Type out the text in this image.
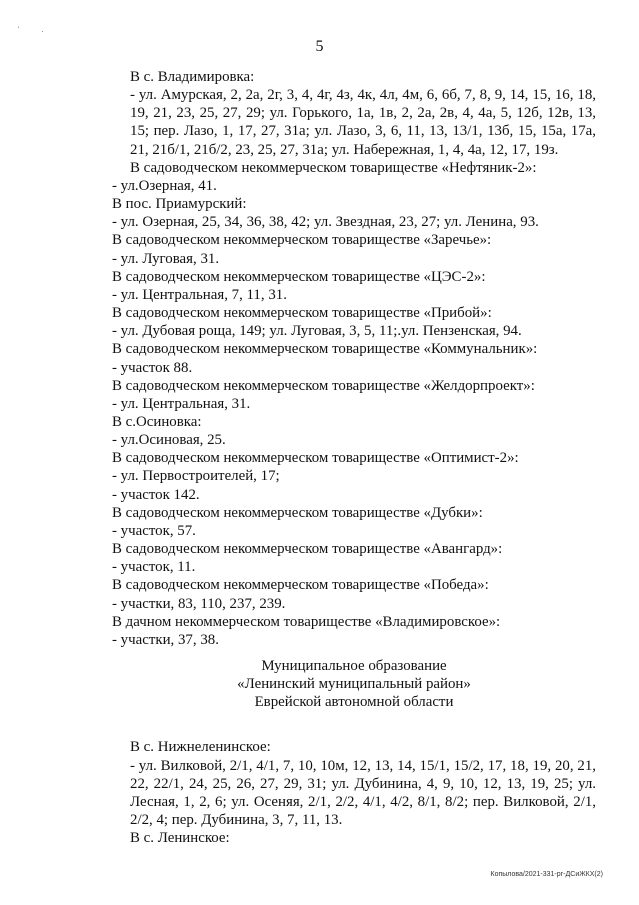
' .
5

В с. Владимировка:

- ул. Амурская, 2, 2а, 2г, 3, 4, 4г, 4з, 4к, 4л, 4м, 6, 6б, 7, 8, 9, 14, 15, 16, 18, 19, 21, 23, 25, 27, 29; ул. Горького, 1а, 1в, 2, 2а, 2в, 4, 4а, 5, 12б, 12в, 13, 15; пер. Лазо, 1, 17, 27, 31а; ул. Лазо, 3, 6, 11, 13, 13/1, 13б, 15, 15а, 17а, 21, 21б/1, 21б/2, 23, 25, 27, 31а; ул. Набережная, 1, 4, 4а, 12, 17, 19з.

В садоводческом некоммерческом товариществе «Нефтяник-2»:

- ул.Озерная, 41.

В пос. Приамурский:

- ул. Озерная, 25, 34, 36, 38, 42; ул. Звездная, 23, 27; ул. Ленина, 93.

В садоводческом некоммерческом товариществе «Заречье»:

- ул. Луговая, 31.

В садоводческом некоммерческом товариществе «ЦЭС-2»:

- ул. Центральная, 7, 11, 31.

В садоводческом некоммерческом товариществе «Прибой»:

- ул. Дубовая роща, 149; ул. Луговая, 3, 5, 11;.ул. Пензенская, 94.

В садоводческом некоммерческом товариществе «Коммунальник»:

- участок 88.

В садоводческом некоммерческом товариществе «Желдорпроект»:

- ул. Центральная, 31.

В с.Осиновка:

- ул.Осиновая, 25.

В садоводческом некоммерческом товариществе «Оптимист-2»:

- ул. Первостроителей, 17;

- участок 142.

В садоводческом некоммерческом товариществе «Дубки»:

- участок, 57.

В садоводческом некоммерческом товариществе «Авангард»:

- участок, 11.

В садоводческом некоммерческом товариществе «Победа»:

- участки, 83, 110, 237, 239.

В дачном некоммерческом товариществе «Владимировское»:

- участки, 37, 38.

Муниципальное образование

«Ленинский муниципальный район»

Еврейской автономной области

В с. Нижнеленинское:

- ул. Вилковой, 2/1, 4/1, 7, 10, 10м, 12, 13, 14, 15/1, 15/2, 17, 18, 19, 20, 21, 22, 22/1, 24, 25, 26, 27, 29, 31; ул. Дубинина, 4, 9, 10, 12, 13, 19, 25; ул. Лесная, 1, 2, 6; ул. Осеняя, 2/1, 2/2, 4/1, 4/2, 8/1, 8/2; пер. Вилковой, 2/1, 2/2, 4; пер. Дубинина, 3, 7, 11, 13.

В с. Ленинское:

Копылова/2021-331-рг-ДСиЖКХ(2)
